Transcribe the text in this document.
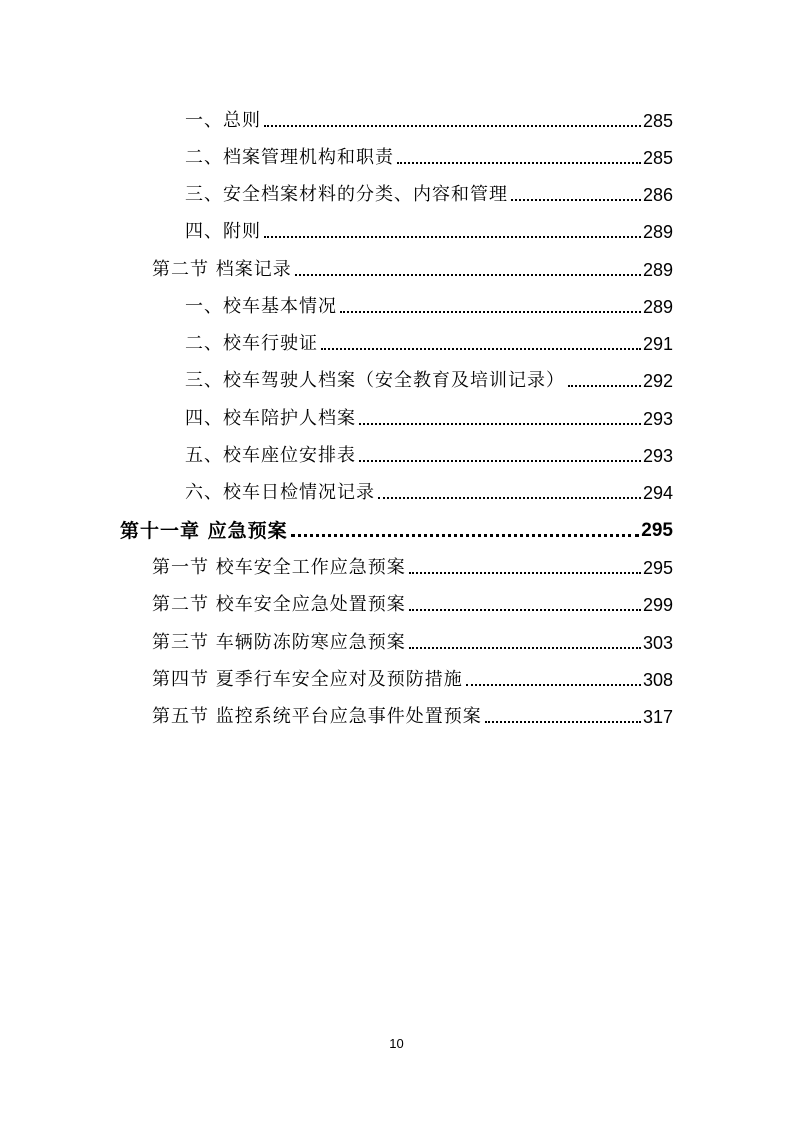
一、总则	285
二、档案管理机构和职责	285
三、安全档案材料的分类、内容和管理	286
四、附则	289
第二节 档案记录	289
一、校车基本情况	289
二、校车行驶证	291
三、校车驾驶人档案（安全教育及培训记录）	292
四、校车陪护人档案	293
五、校车座位安排表	293
六、校车日检情况记录	294
第十一章 应急预案	295
第一节 校车安全工作应急预案	295
第二节 校车安全应急处置预案	299
第三节 车辆防冻防寒应急预案	303
第四节 夏季行车安全应对及预防措施	308
第五节 监控系统平台应急事件处置预案	317
10
